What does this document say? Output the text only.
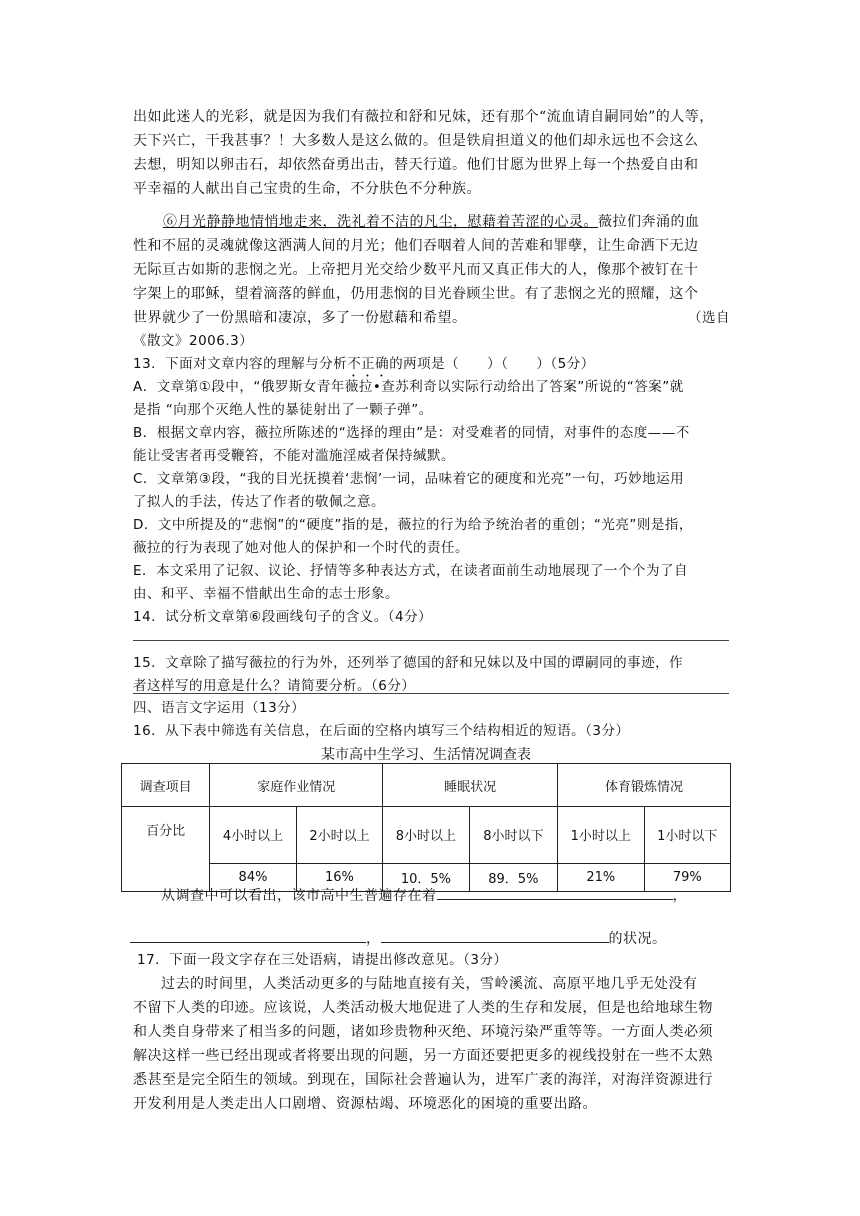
出如此迷人的光彩，就是因为我们有薇拉和舒和兄妹，还有那个“流血请自嗣同始”的人等，
天下兴亡，干我甚事？！大多数人是这么做的。但是铁肩担道义的他们却永远也不会这么
去想，明知以卵击石，却依然奋勇出击，替天行道。他们甘愿为世界上每一个热爱自由和
平幸福的人献出自己宝贵的生命，不分肤色不分种族。
⑥月光静静地情悄地走来，洗礼着不洁的凡尘，慰藉着苦涩的心灵。薇拉们奔涌的血
性和不屈的灵魂就像这洒满人间的月光；他们吞咽着人间的苦难和罪孽，让生命洒下无边
无际亘古如斯的悲悯之光。上帝把月光交给少数平凡而又真正伟大的人，像那个被钉在十
字架上的耶稣，望着滴落的鲜血，仍用悲悯的目光眷顾尘世。有了悲悯之光的照耀，这个
世界就少了一份黑暗和凄凉，多了一份慰藉和希望。	（选自
《散文》2006.3）
13．下面对文章内容的理解与分析不正确的两项是（　　）（　　）（5分）
A．文章第①段中，“俄罗斯女青年薇拉•查苏利奇以实际行动给出了答案”所说的“答案”就
是指 “向那个灭绝人性的暴徒射出了一颗子弹”。
B．根据文章内容，薇拉所陈述的“选择的理由”是：对受难者的同情，对事件的态度——不
能让受害者再受鞭笞，不能对滥施淫威者保持缄默。
C．文章第③段，“我的目光抚摸着‘悲悯’一词，品味着它的硬度和光亮”一句，巧妙地运用
了拟人的手法，传达了作者的敬佩之意。
D．文中所提及的“悲悯”的“硬度”指的是，薇拉的行为给予统治者的重创；“光亮”则是指，
薇拉的行为表现了她对他人的保护和一个时代的责任。
E．本文采用了记叙、议论、抒情等多种表达方式，在读者面前生动地展现了一个个为了自
由、和平、幸福不惜献出生命的志士形象。
14．试分析文章第⑥段画线句子的含义。（4分）
15．文章除了描写薇拉的行为外，还列举了德国的舒和兄妹以及中国的谭嗣同的事迹，作
者这样写的用意是什么？请简要分析。（6分）
四、语言文字运用（13分）
16．从下表中筛选有关信息，在后面的空格内填写三个结构相近的短语。（3分）
某市高中生学习、生活情况调查表
调查项目	家庭作业情况		睡眠状况		体育锻炼情况	
百分比	4小时以上	2小时以上	8小时以上	8小时以下	1小时以上	1小时以下
	84%	16%	10．5%	89．5%	21%	79%
从调查中可以看出，该市高中生普遍存在着	，
，	的状况。
17．下面一段文字存在三处语病，请提出修改意见。（3分）
过去的时间里，人类活动更多的与陆地直接有关，雪岭溪流、高原平地几乎无处没有
不留下人类的印迹。应该说，人类活动极大地促进了人类的生存和发展，但是也给地球生物
和人类自身带来了相当多的问题，诸如珍贵物种灭绝、环境污染严重等等。一方面人类必须
解决这样一些已经出现或者将要出现的问题，另一方面还要把更多的视线投射在一些不太熟
悉甚至是完全陌生的领域。到现在，国际社会普遍认为，进军广袤的海洋，对海洋资源进行
开发利用是人类走出人口剧增、资源枯竭、环境恶化的困境的重要出路。
